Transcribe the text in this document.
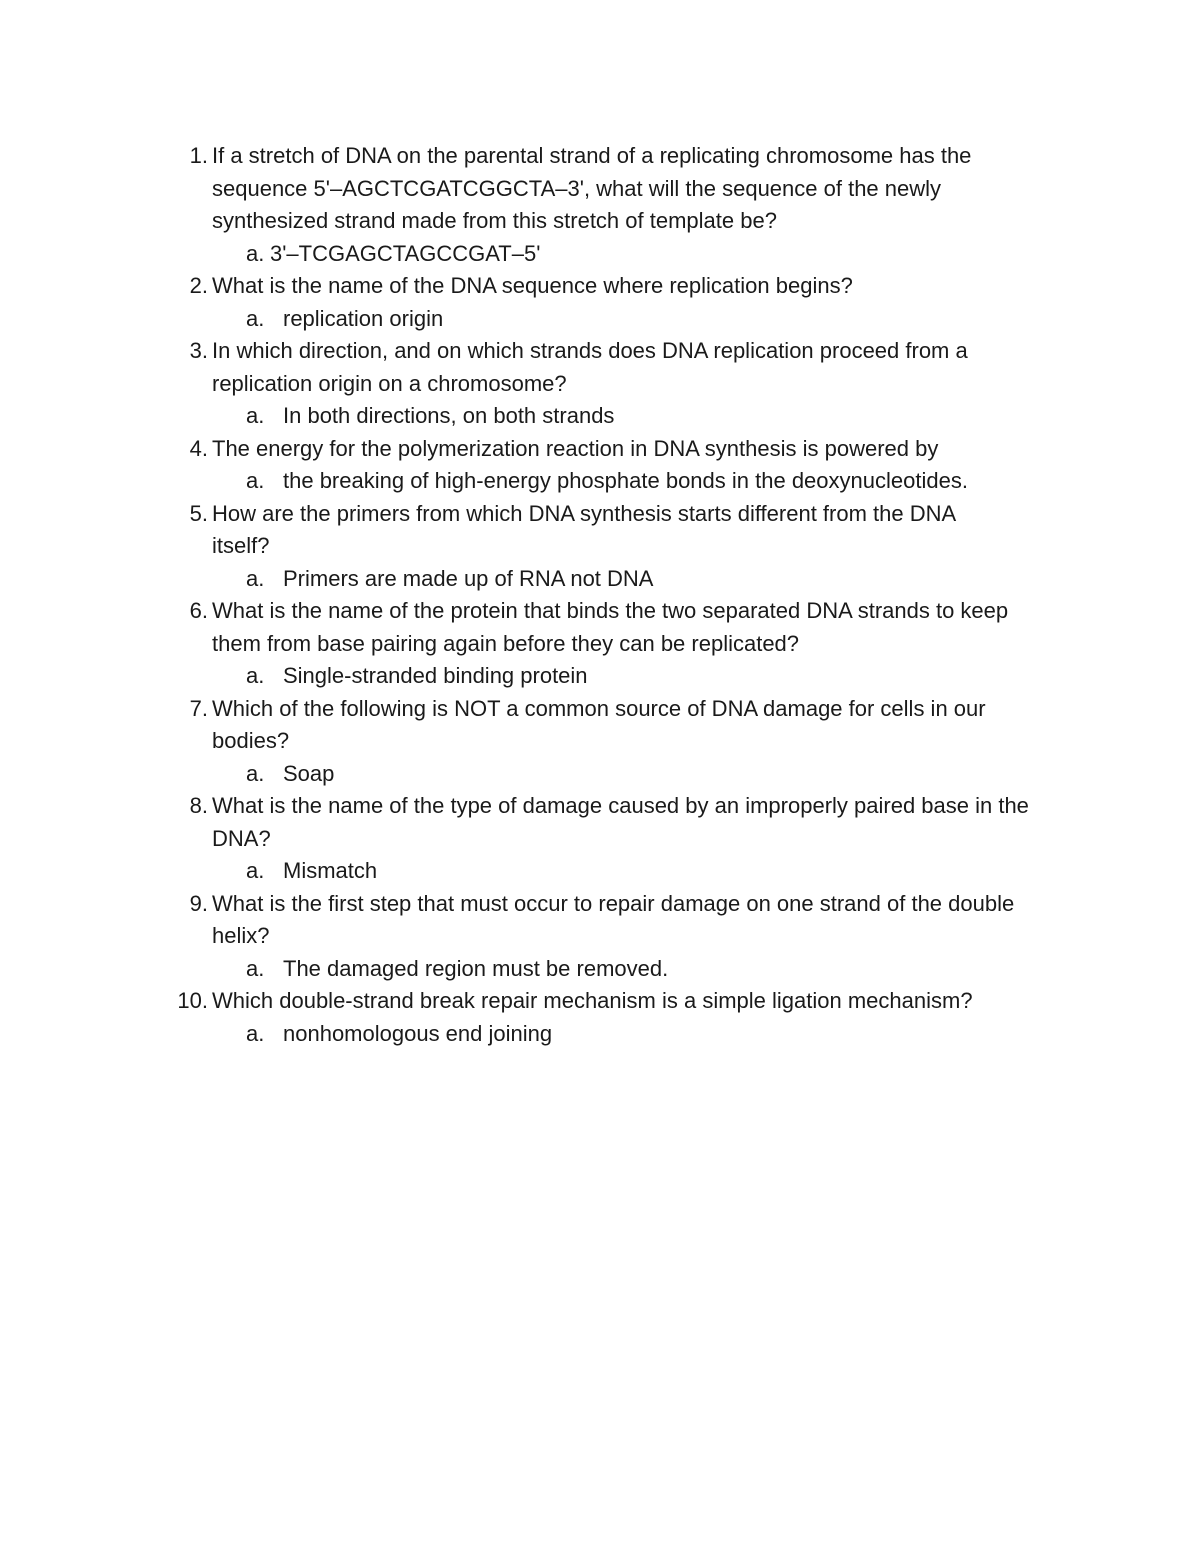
1. If a stretch of DNA on the parental strand of a replicating chromosome has the
sequence 5'–AGCTCGATCGGCTA–3', what will the sequence of the newly
synthesized strand made from this stretch of template be?
a. 3'–TCGAGCTAGCCGAT–5'
2. What is the name of the DNA sequence where replication begins?
a. replication origin
3. In which direction, and on which strands does DNA replication proceed from a
replication origin on a chromosome?
a. In both directions, on both strands
4. The energy for the polymerization reaction in DNA synthesis is powered by
a. the breaking of high-energy phosphate bonds in the deoxynucleotides.
5. How are the primers from which DNA synthesis starts different from the DNA
itself?
a. Primers are made up of RNA not DNA
6. What is the name of the protein that binds the two separated DNA strands to keep
them from base pairing again before they can be replicated?
a. Single-stranded binding protein
7. Which of the following is NOT a common source of DNA damage for cells in our
bodies?
a. Soap
8. What is the name of the type of damage caused by an improperly paired base in the
DNA?
a. Mismatch
9. What is the first step that must occur to repair damage on one strand of the double
helix?
a. The damaged region must be removed.
10. Which double-strand break repair mechanism is a simple ligation mechanism?
a. nonhomologous end joining
